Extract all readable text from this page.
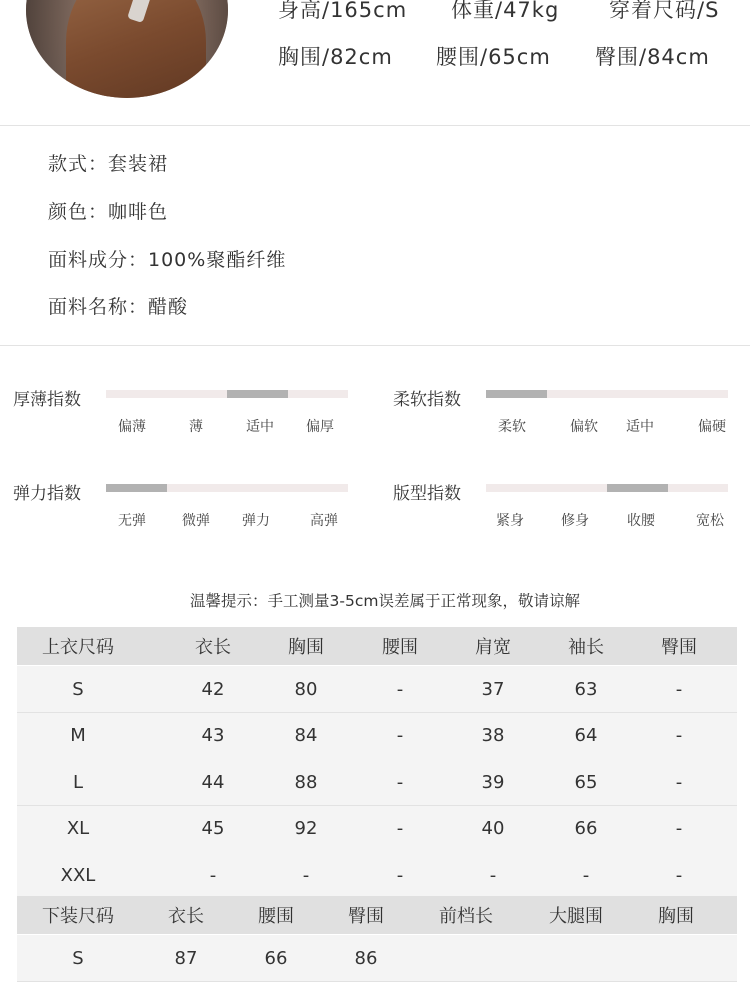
身高/165cm 体重/47kg 穿着尺码/S
胸围/82cm 腰围/65cm 臀围/84cm
款式：套装裙
颜色：咖啡色
面料成分：100%聚酯纤维
面料名称：醋酸
厚薄指数
偏薄	薄	适中 偏厚
柔软指数
柔软	偏软 适中	偏硬
弹力指数
无弹	微弹 弹力	高弹
版型指数
紧身	修身	收腰	宽松
温馨提示：手工测量3-5cm误差属于正常现象，敬请谅解
上衣尺码	衣长	胸围	腰围	肩宽	袖长	臀围
S	42	80	-	37	63	-
M	43	84	-	38	64	-
L	44	88	-	39	65	-
XL	45	92	-	40	66	-
XXL	-	-	-	-	-	-
下装尺码	衣长	腰围	臀围	前档长	大腿围	胸围
S	87	66	86
